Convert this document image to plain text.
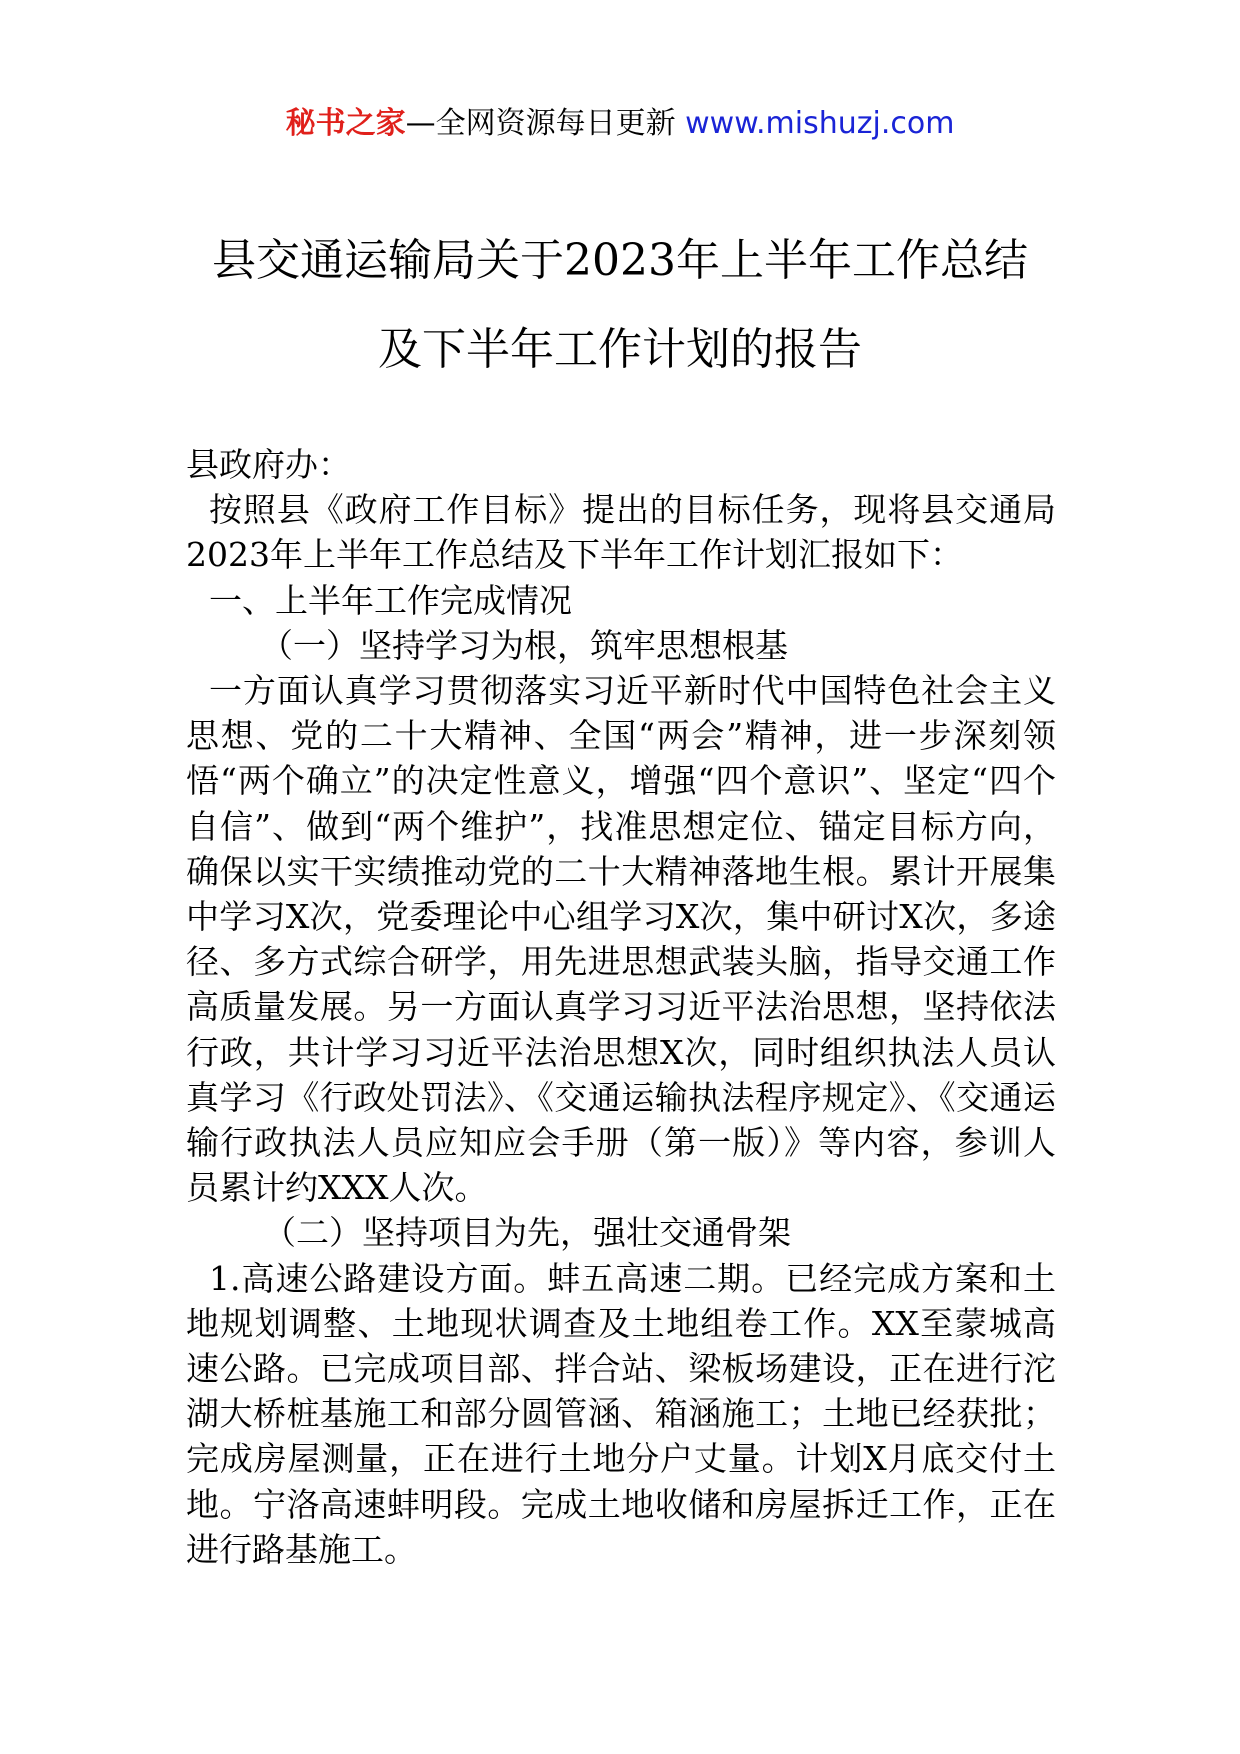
秘书之家—全网资源每日更新 www.mishuzj.com
县交通运输局关于2023年上半年工作总结
及下半年工作计划的报告

县政府办：

按照县《政府工作目标》提出的目标任务，现将县交通局2023年上半年工作总结及下半年工作计划汇报如下：

一、上半年工作完成情况

（一）坚持学习为根，筑牢思想根基

一方面认真学习贯彻落实习近平新时代中国特色社会主义思想、党的二十大精神、全国“两会”精神，进一步深刻领悟“两个确立”的决定性意义，增强“四个意识”、坚定“四个自信”、做到“两个维护”，找准思想定位、锚定目标方向，确保以实干实绩推动党的二十大精神落地生根。累计开展集中学习X次，党委理论中心组学习X次，集中研讨X次，多途径、多方式综合研学，用先进思想武装头脑，指导交通工作高质量发展。另一方面认真学习习近平法治思想，坚持依法行政，共计学习习近平法治思想X次，同时组织执法人员认真学习《行政处罚法》、《交通运输执法程序规定》、《交通运输行政执法人员应知应会手册（第一版）》等内容，参训人员累计约XXX人次。

（二）坚持项目为先，强壮交通骨架

1.高速公路建设方面。蚌五高速二期。已经完成方案和土地规划调整、土地现状调查及土地组卷工作。XX至蒙城高速公路。已完成项目部、拌合站、梁板场建设，正在进行沱湖大桥桩基施工和部分圆管涵、箱涵施工；土地已经获批；完成房屋测量，正在进行土地分户丈量。计划X月底交付土地。宁洛高速蚌明段。完成土地收储和房屋拆迁工作，正在进行路基施工。
